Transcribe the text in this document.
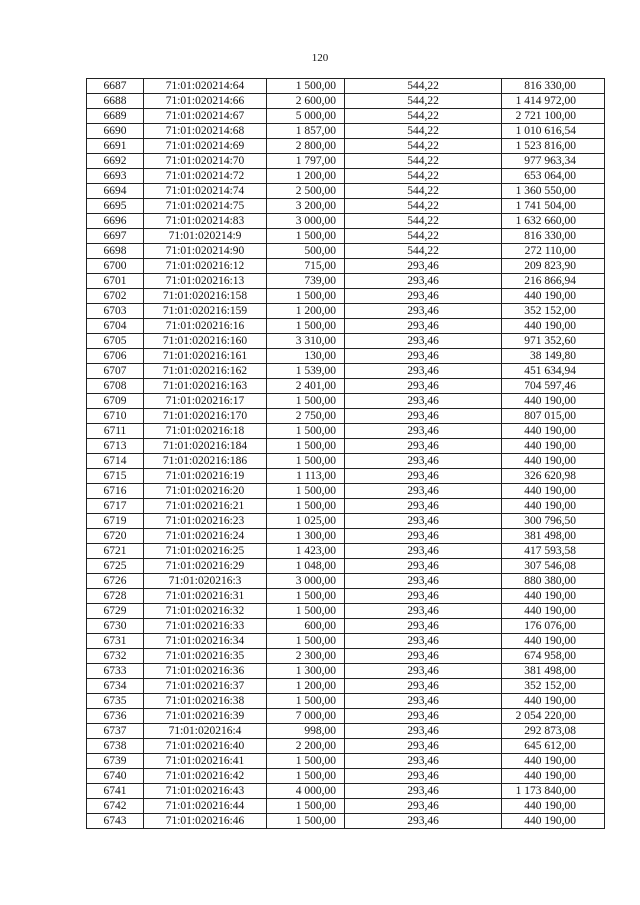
120
6687	71:01:020214:64	1 500,00	544,22	816 330,00
6688	71:01:020214:66	2 600,00	544,22	1 414 972,00
6689	71:01:020214:67	5 000,00	544,22	2 721 100,00
6690	71:01:020214:68	1 857,00	544,22	1 010 616,54
6691	71:01:020214:69	2 800,00	544,22	1 523 816,00
6692	71:01:020214:70	1 797,00	544,22	977 963,34
6693	71:01:020214:72	1 200,00	544,22	653 064,00
6694	71:01:020214:74	2 500,00	544,22	1 360 550,00
6695	71:01:020214:75	3 200,00	544,22	1 741 504,00
6696	71:01:020214:83	3 000,00	544,22	1 632 660,00
6697	71:01:020214:9	1 500,00	544,22	816 330,00
6698	71:01:020214:90	500,00	544,22	272 110,00
6700	71:01:020216:12	715,00	293,46	209 823,90
6701	71:01:020216:13	739,00	293,46	216 866,94
6702	71:01:020216:158	1 500,00	293,46	440 190,00
6703	71:01:020216:159	1 200,00	293,46	352 152,00
6704	71:01:020216:16	1 500,00	293,46	440 190,00
6705	71:01:020216:160	3 310,00	293,46	971 352,60
6706	71:01:020216:161	130,00	293,46	38 149,80
6707	71:01:020216:162	1 539,00	293,46	451 634,94
6708	71:01:020216:163	2 401,00	293,46	704 597,46
6709	71:01:020216:17	1 500,00	293,46	440 190,00
6710	71:01:020216:170	2 750,00	293,46	807 015,00
6711	71:01:020216:18	1 500,00	293,46	440 190,00
6713	71:01:020216:184	1 500,00	293,46	440 190,00
6714	71:01:020216:186	1 500,00	293,46	440 190,00
6715	71:01:020216:19	1 113,00	293,46	326 620,98
6716	71:01:020216:20	1 500,00	293,46	440 190,00
6717	71:01:020216:21	1 500,00	293,46	440 190,00
6719	71:01:020216:23	1 025,00	293,46	300 796,50
6720	71:01:020216:24	1 300,00	293,46	381 498,00
6721	71:01:020216:25	1 423,00	293,46	417 593,58
6725	71:01:020216:29	1 048,00	293,46	307 546,08
6726	71:01:020216:3	3 000,00	293,46	880 380,00
6728	71:01:020216:31	1 500,00	293,46	440 190,00
6729	71:01:020216:32	1 500,00	293,46	440 190,00
6730	71:01:020216:33	600,00	293,46	176 076,00
6731	71:01:020216:34	1 500,00	293,46	440 190,00
6732	71:01:020216:35	2 300,00	293,46	674 958,00
6733	71:01:020216:36	1 300,00	293,46	381 498,00
6734	71:01:020216:37	1 200,00	293,46	352 152,00
6735	71:01:020216:38	1 500,00	293,46	440 190,00
6736	71:01:020216:39	7 000,00	293,46	2 054 220,00
6737	71:01:020216:4	998,00	293,46	292 873,08
6738	71:01:020216:40	2 200,00	293,46	645 612,00
6739	71:01:020216:41	1 500,00	293,46	440 190,00
6740	71:01:020216:42	1 500,00	293,46	440 190,00
6741	71:01:020216:43	4 000,00	293,46	1 173 840,00
6742	71:01:020216:44	1 500,00	293,46	440 190,00
6743	71:01:020216:46	1 500,00	293,46	440 190,00
